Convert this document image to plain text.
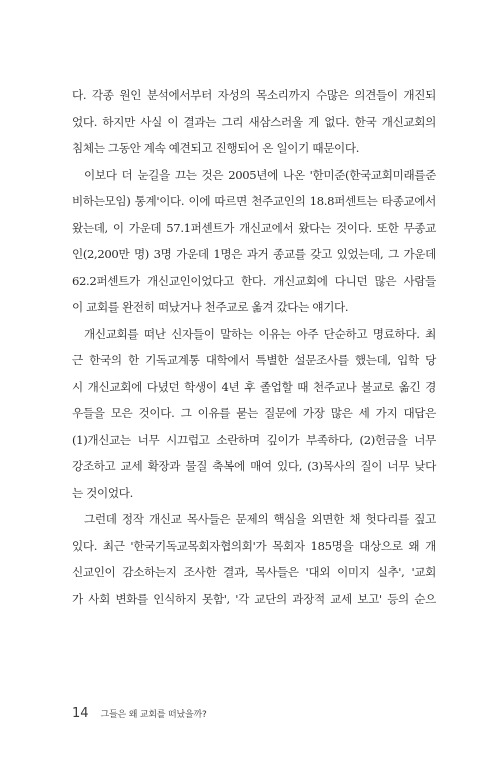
다. 각종 원인 분석에서부터 자성의 목소리까지 수많은 의견들이 개진되
었다. 하지만 사실 이 결과는 그리 새삼스러울 게 없다. 한국 개신교회의
침체는 그동안 계속 예견되고 진행되어 온 일이기 때문이다.
이보다 더 눈길을 끄는 것은 2005년에 나온 '한미준(한국교회미래를준
비하는모임) 통계'이다. 이에 따르면 천주교인의 18.8퍼센트는 타종교에서
왔는데, 이 가운데 57.1퍼센트가 개신교에서 왔다는 것이다. 또한 무종교
인(2,200만 명) 3명 가운데 1명은 과거 종교를 갖고 있었는데, 그 가운데
62.2퍼센트가 개신교인이었다고 한다. 개신교회에 다니던 많은 사람들
이 교회를 완전히 떠났거나 천주교로 옮겨 갔다는 얘기다.
개신교회를 떠난 신자들이 말하는 이유는 아주 단순하고 명료하다. 최
근 한국의 한 기독교계통 대학에서 특별한 설문조사를 했는데, 입학 당
시 개신교회에 다녔던 학생이 4년 후 졸업할 때 천주교나 불교로 옮긴 경
우들을 모은 것이다. 그 이유를 묻는 질문에 가장 많은 세 가지 대답은
(1)개신교는 너무 시끄럽고 소란하며 깊이가 부족하다, (2)헌금을 너무
강조하고 교세 확장과 물질 축복에 매여 있다, (3)목사의 질이 너무 낮다
는 것이었다.
그런데 정작 개신교 목사들은 문제의 핵심을 외면한 채 헛다리를 짚고
있다. 최근 '한국기독교목회자협의회'가 목회자 185명을 대상으로 왜 개
신교인이 감소하는지 조사한 결과, 목사들은 '대외 이미지 실추', '교회
가 사회 변화를 인식하지 못함', '각 교단의 과장적 교세 보고' 등의 순으
14 그들은 왜 교회를 떠났을까?
